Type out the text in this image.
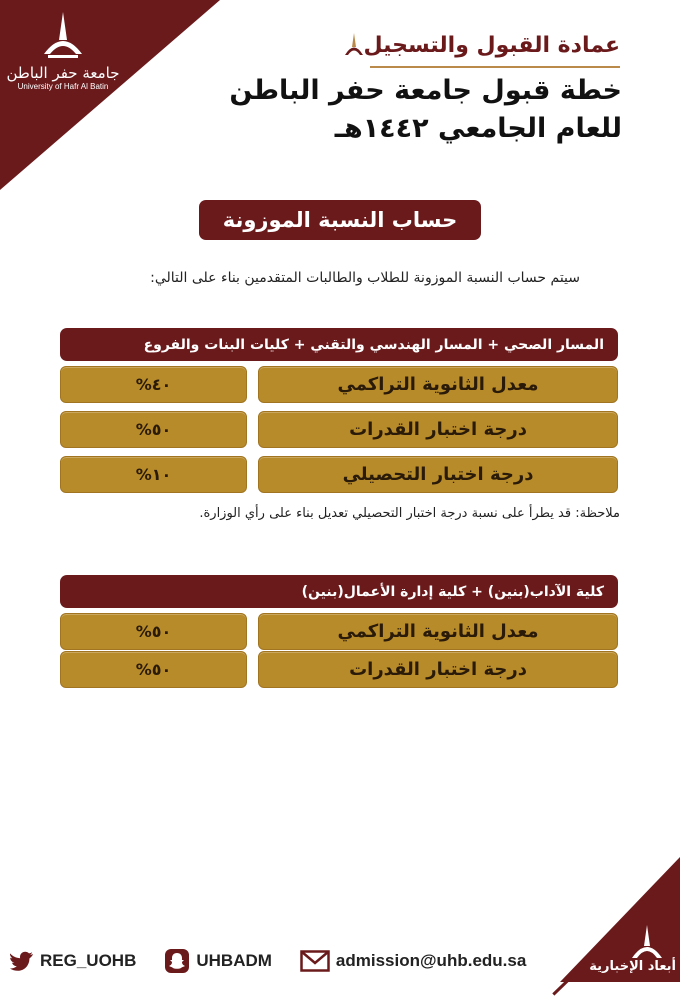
جامعة حفر الباطن
University of Hafr Al Batin
عمادة القبول والتسجيل
خطة قبول جامعة حفر الباطن
للعام الجامعي ١٤٤٢هـ
حساب النسبة الموزونة
سيتم حساب النسبة الموزونة للطلاب والطالبات المتقدمين بناء على التالي:
المسار الصحي + المسار الهندسي والتقني + كليات البنات والفروع
معدل الثانوية التراكمي
٤٠%
درجة اختبار القدرات
٥٠%
درجة اختبار التحصيلي
١٠%
ملاحظة: قد يطرأ على نسبة درجة اختبار التحصيلي تعديل بناء على رأي الوزارة.
كلية الآداب(بنين) + كلية إدارة الأعمال(بنين)
معدل الثانوية التراكمي
٥٠%
درجة اختبار القدرات
٥٠%
أبعاد الإخبارية
REG_UOHB	UHBADM	admission@uhb.edu.sa
